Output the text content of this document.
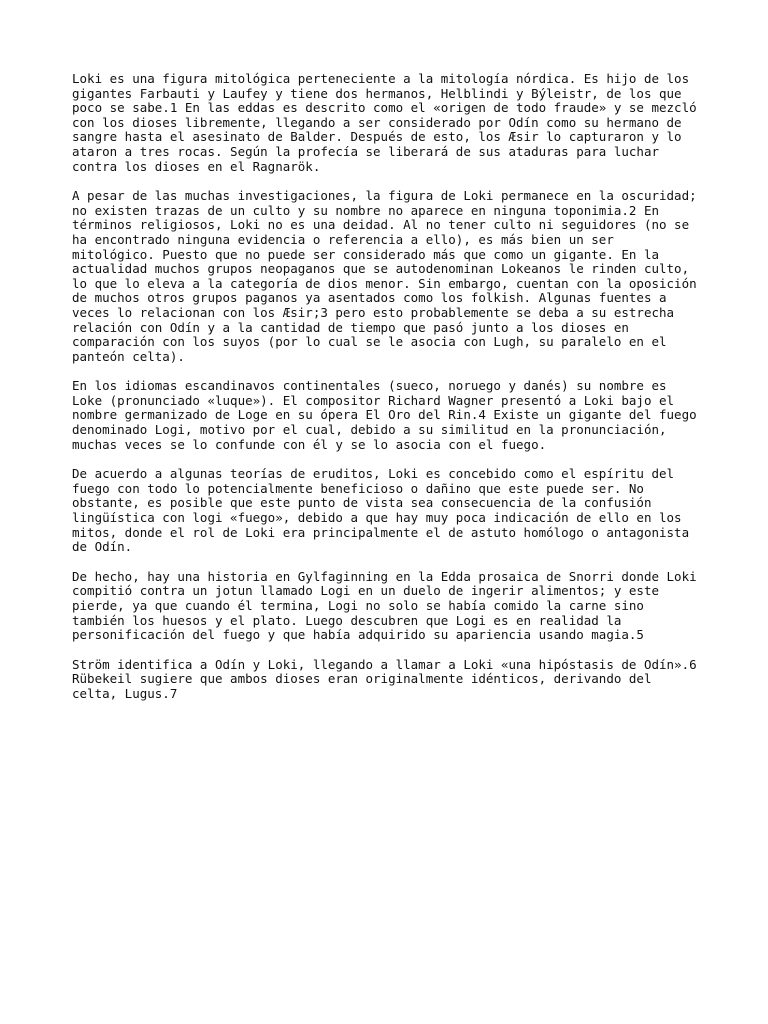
Loki es una figura mitológica perteneciente a la mitología nórdica. Es hijo de los
gigantes Farbauti y Laufey y tiene dos hermanos, Helblindi y Býleistr, de los que
poco se sabe.1 En las eddas es descrito como el «origen de todo fraude» y se mezcló
con los dioses libremente, llegando a ser considerado por Odín como su hermano de
sangre hasta el asesinato de Balder. Después de esto, los Æsir lo capturaron y lo
ataron a tres rocas. Según la profecía se liberará de sus ataduras para luchar
contra los dioses en el Ragnarök.

A pesar de las muchas investigaciones, la figura de Loki permanece en la oscuridad;
no existen trazas de un culto y su nombre no aparece en ninguna toponimia.2 En
términos religiosos, Loki no es una deidad. Al no tener culto ni seguidores (no se
ha encontrado ninguna evidencia o referencia a ello), es más bien un ser
mitológico. Puesto que no puede ser considerado más que como un gigante. En la
actualidad muchos grupos neopaganos que se autodenominan Lokeanos le rinden culto,
lo que lo eleva a la categoría de dios menor. Sin embargo, cuentan con la oposición
de muchos otros grupos paganos ya asentados como los folkish. Algunas fuentes a
veces lo relacionan con los Æsir;3 pero esto probablemente se deba a su estrecha
relación con Odín y a la cantidad de tiempo que pasó junto a los dioses en
comparación con los suyos (por lo cual se le asocia con Lugh, su paralelo en el
panteón celta).

En los idiomas escandinavos continentales (sueco, noruego y danés) su nombre es
Loke (pronunciado «luque»). El compositor Richard Wagner presentó a Loki bajo el
nombre germanizado de Loge en su ópera El Oro del Rin.4 Existe un gigante del fuego
denominado Logi, motivo por el cual, debido a su similitud en la pronunciación,
muchas veces se lo confunde con él y se lo asocia con el fuego.

De acuerdo a algunas teorías de eruditos, Loki es concebido como el espíritu del
fuego con todo lo potencialmente beneficioso o dañino que este puede ser. No
obstante, es posible que este punto de vista sea consecuencia de la confusión
lingüística con logi «fuego», debido a que hay muy poca indicación de ello en los
mitos, donde el rol de Loki era principalmente el de astuto homólogo o antagonista
de Odín.

De hecho, hay una historia en Gylfaginning en la Edda prosaica de Snorri donde Loki
compitió contra un jotun llamado Logi en un duelo de ingerir alimentos; y este
pierde, ya que cuando él termina, Logi no solo se había comido la carne sino
también los huesos y el plato. Luego descubren que Logi es en realidad la
personificación del fuego y que había adquirido su apariencia usando magia.5

Ström identifica a Odín y Loki, llegando a llamar a Loki «una hipóstasis de Odín».6
Rübekeil sugiere que ambos dioses eran originalmente idénticos, derivando del
celta, Lugus.7
